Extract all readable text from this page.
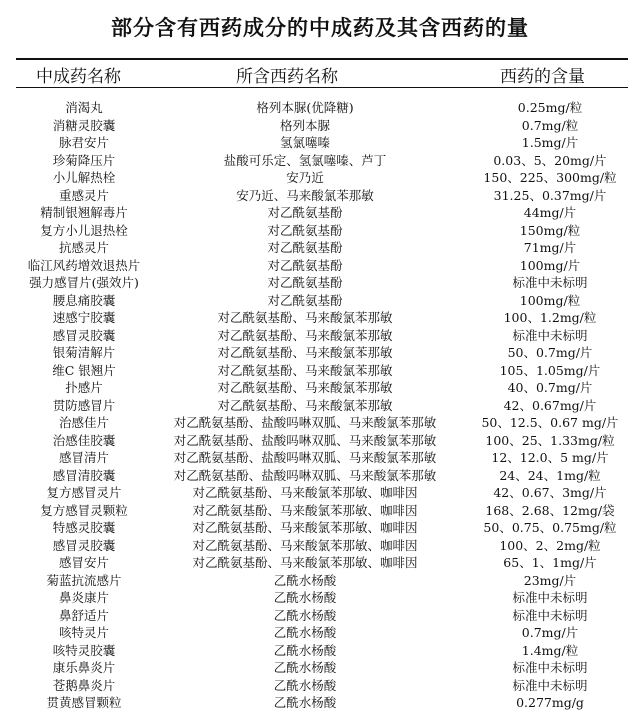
部分含有西药成分的中成药及其含西药的量
中成药名称	所含西药名称	西药的含量
消渴丸	格列本脲(优降糖)	0.25mg/粒
消糖灵胶囊	格列本脲	0.7mg/粒
脉君安片	氢氯噻嗪	1.5mg/片
珍菊降压片	盐酸可乐定、氢氯噻嗪、芦丁	0.03、5、20mg/片
小儿解热栓	安乃近	150、225、300mg/粒
重感灵片	安乃近、马来酸氯苯那敏	31.25、0.37mg/片
精制银翘解毒片	对乙酰氨基酚	44mg/片
复方小儿退热栓	对乙酰氨基酚	150mg/粒
抗感灵片	对乙酰氨基酚	71mg/片
临江风药增效退热片	对乙酰氨基酚	100mg/片
强力感冒片(强效片)	对乙酰氨基酚	标准中未标明
腰息痛胶囊	对乙酰氨基酚	100mg/粒
速感宁胶囊	对乙酰氨基酚、马来酸氯苯那敏	100、1.2mg/粒
感冒灵胶囊	对乙酰氨基酚、马来酸氯苯那敏	标准中未标明
银菊清解片	对乙酰氨基酚、马来酸氯苯那敏	50、0.7mg/片
维C 银翘片	对乙酰氨基酚、马来酸氯苯那敏	105、1.05mg/片
扑感片	对乙酰氨基酚、马来酸氯苯那敏	40、0.7mg/片
贯防感冒片	对乙酰氨基酚、马来酸氯苯那敏	42、0.67mg/片
治感佳片	对乙酰氨基酚、盐酸吗啉双胍、马来酸氯苯那敏	50、12.5、0.67 mg/片
治感佳胶囊	对乙酰氨基酚、盐酸吗啉双胍、马来酸氯苯那敏	100、25、1.33mg/粒
感冒清片	对乙酰氨基酚、盐酸吗啉双胍、马来酸氯苯那敏	12、12.0、5 mg/片
感冒清胶囊	对乙酰氨基酚、盐酸吗啉双胍、马来酸氯苯那敏	24、24、1mg/粒
复方感冒灵片	对乙酰氨基酚、马来酸氯苯那敏、咖啡因	42、0.67、3mg/片
复方感冒灵颗粒	对乙酰氨基酚、马来酸氯苯那敏、咖啡因	168、2.68、12mg/袋
特感灵胶囊	对乙酰氨基酚、马来酸氯苯那敏、咖啡因	50、0.75、0.75mg/粒
感冒灵胶囊	对乙酰氨基酚、马来酸氯苯那敏、咖啡因	100、2、2mg/粒
感冒安片	对乙酰氨基酚、马来酸氯苯那敏、咖啡因	65、1、1mg/片
菊蓝抗流感片	乙酰水杨酸	23mg/片
鼻炎康片	乙酰水杨酸	标准中未标明
鼻舒适片	乙酰水杨酸	标准中未标明
咳特灵片	乙酰水杨酸	0.7mg/片
咳特灵胶囊	乙酰水杨酸	1.4mg/粒
康乐鼻炎片	乙酰水杨酸	标准中未标明
苍鹅鼻炎片	乙酰水杨酸	标准中未标明
贯黄感冒颗粒	乙酰水杨酸	0.277mg/g
